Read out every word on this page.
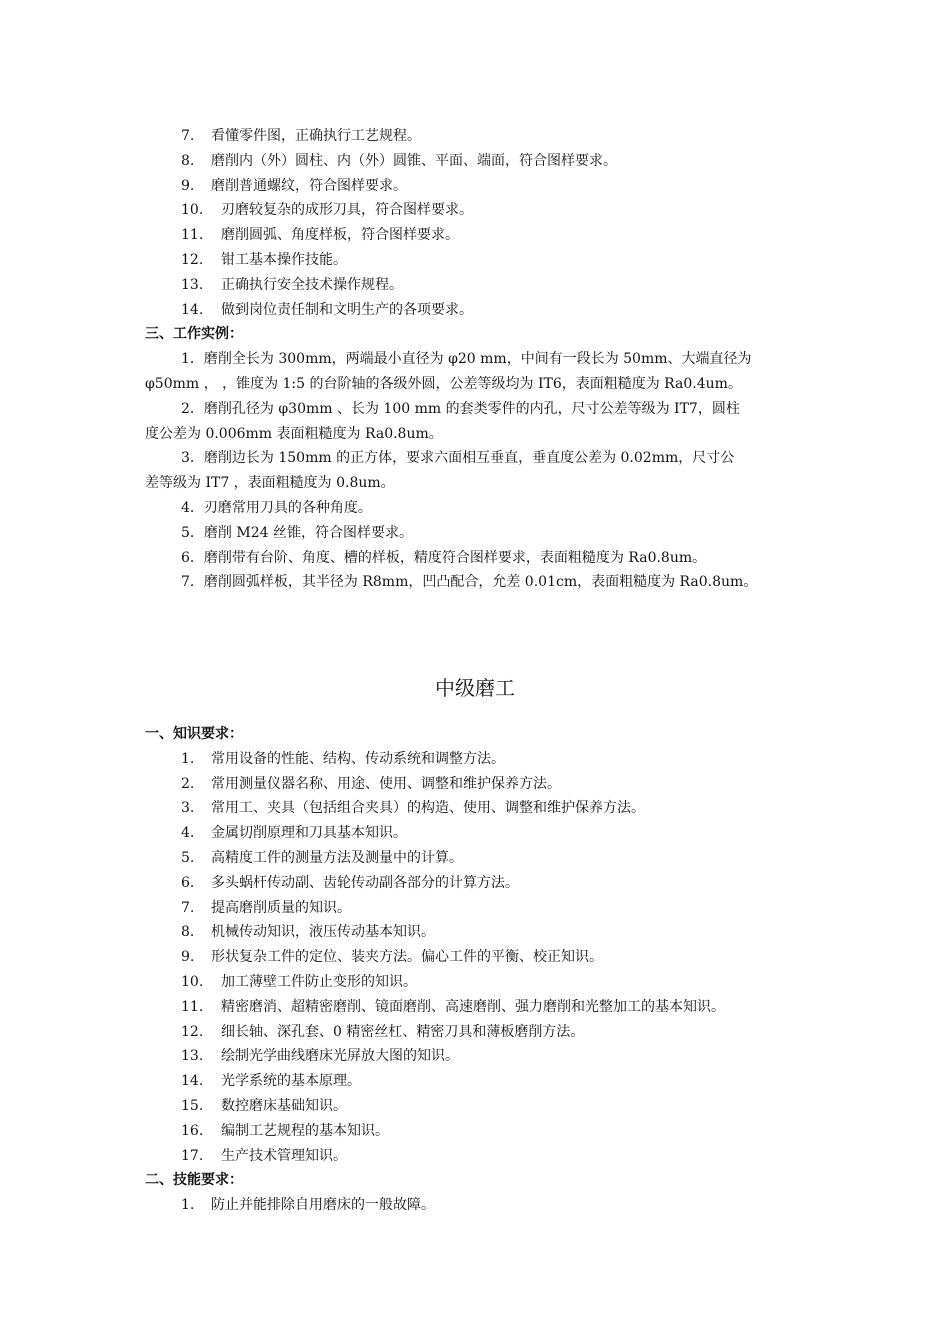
7. 看懂零件图，正确执行工艺规程。
8. 磨削内（外）圆柱、内（外）圆锥、平面、端面，符合图样要求。
9. 磨削普通螺纹，符合图样要求。
10. 刃磨较复杂的成形刀具，符合图样要求。
11. 磨削圆弧、角度样板，符合图样要求。
12. 钳工基本操作技能。
13. 正确执行安全技术操作规程。
14. 做到岗位责任制和文明生产的各项要求。
三、工作实例：
1．磨削全长为 300mm，两端最小直径为 φ20 mm，中间有一段长为 50mm、大端直径为
φ50mm ， ，锥度为 1:5 的台阶轴的各级外圆，公差等级均为 IT6，表面粗糙度为 Ra0.4um。
2．磨削孔径为 φ30mm 、长为 100 mm 的套类零件的内孔，尺寸公差等级为 IT7，圆柱
度公差为 0.006mm 表面粗糙度为 Ra0.8um。
3．磨削边长为 150mm 的正方体，要求六面相互垂直，垂直度公差为 0.02mm，尺寸公
差等级为 IT7 ，表面粗糙度为 0.8um。
4．刃磨常用刀具的各种角度。
5．磨削 M24 丝锥，符合图样要求。
6．磨削带有台阶、角度、槽的样板，精度符合图样要求，表面粗糙度为 Ra0.8um。
7．磨削圆弧样板，其半径为 R8mm，凹凸配合，允差 0.01cm，表面粗糙度为 Ra0.8um。
中级磨工
一、知识要求：
1. 常用设备的性能、结构、传动系统和调整方法。
2. 常用测量仪器名称、用途、使用、调整和维护保养方法。
3. 常用工、夹具（包括组合夹具）的构造、使用、调整和维护保养方法。
4. 金属切削原理和刀具基本知识。
5. 高精度工件的测量方法及测量中的计算。
6. 多头蜗杆传动副、齿轮传动副各部分的计算方法。
7. 提高磨削质量的知识。
8. 机械传动知识，液压传动基本知识。
9. 形状复杂工件的定位、装夹方法。偏心工件的平衡、校正知识。
10. 加工薄壁工件防止变形的知识。
11. 精密磨消、超精密磨削、镜面磨削、高速磨削、强力磨削和光整加工的基本知识。
12. 细长轴、深孔套、0 精密丝杠、精密刀具和薄板磨削方法。
13. 绘制光学曲线磨床光屏放大图的知识。
14. 光学系统的基本原理。
15. 数控磨床基础知识。
16. 编制工艺规程的基本知识。
17. 生产技术管理知识。
二、技能要求：
1. 防止并能排除自用磨床的一般故障。
